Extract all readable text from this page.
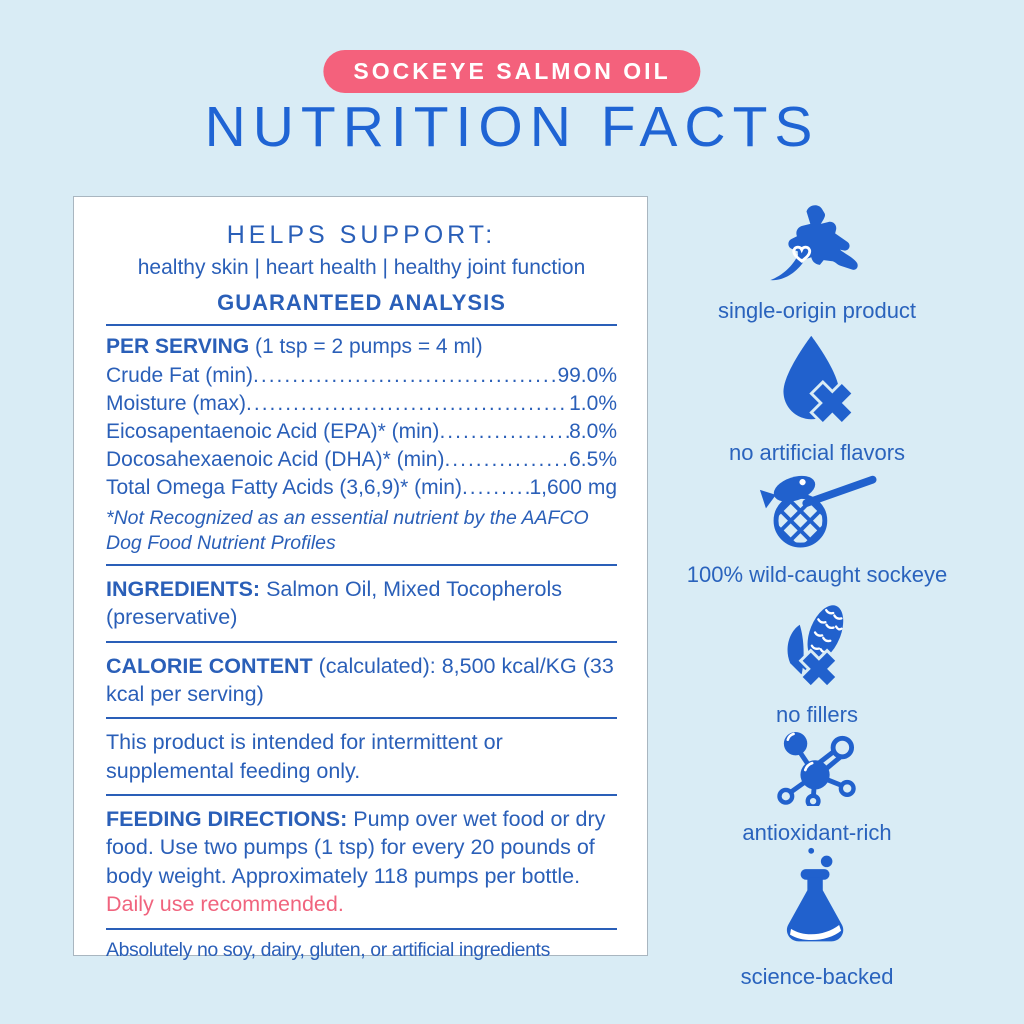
SOCKEYE SALMON OIL
NUTRITION FACTS
HELPS SUPPORT:
healthy skin | heart health | healthy joint function
GUARANTEED ANALYSIS
PER SERVING (1 tsp = 2 pumps = 4 ml)
Crude Fat (min) .....	99.0%
Moisture (max) .....	1.0%
Eicosapentaenoic Acid (EPA)* (min) .....	8.0%
Docosahexaenoic Acid (DHA)* (min) .....	6.5%
Total Omega Fatty Acids (3,6,9)* (min) .....	1,600 mg
*Not Recognized as an essential nutrient by the AAFCO Dog Food Nutrient Profiles
INGREDIENTS: Salmon Oil, Mixed Tocopherols (preservative)
CALORIE CONTENT (calculated): 8,500 kcal/KG (33 kcal per serving)
This product is intended for intermittent or supplemental feeding only.
FEEDING DIRECTIONS: Pump over wet food or dry food. Use two pumps (1 tsp) for every 20 pounds of body weight. Approximately 118 pumps per bottle. Daily use recommended.
Absolutely no soy, dairy, gluten, or artificial ingredients
single-origin product
no artificial flavors
100% wild-caught sockeye
no fillers
antioxidant-rich
science-backed
